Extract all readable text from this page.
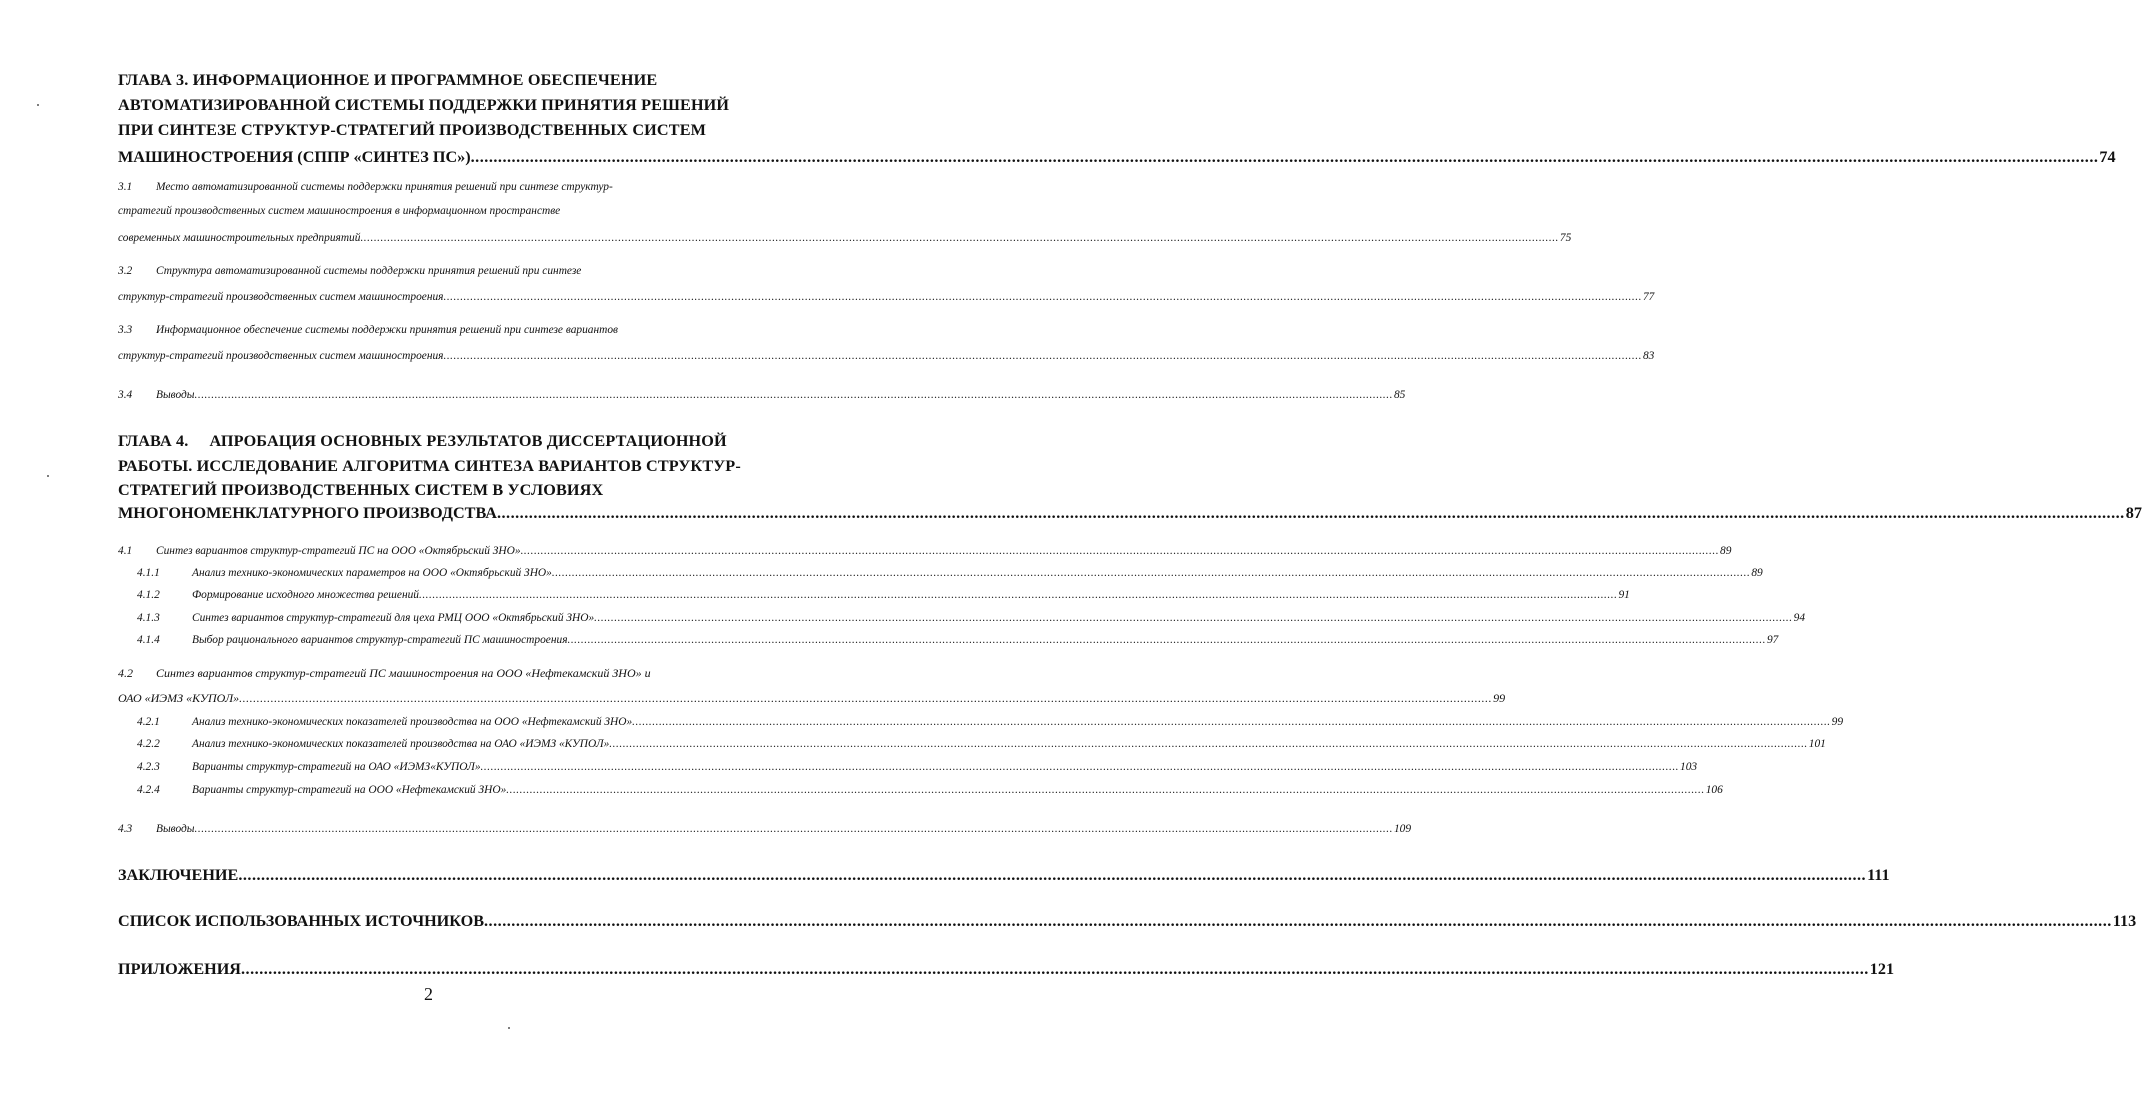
ГЛАВА 3. ИНФОРМАЦИОННОЕ И ПРОГРАММНОЕ ОБЕСПЕЧЕНИЕ
АВТОМАТИЗИРОВАННОЙ СИСТЕМЫ ПОДДЕРЖКИ ПРИНЯТИЯ РЕШЕНИЙ
ПРИ СИНТЕЗЕ СТРУКТУР-СТРАТЕГИЙ ПРОИЗВОДСТВЕННЫХ СИСТЕМ
МАШИНОСТРОЕНИЯ (СППР «СИНТЕЗ ПС») .....	74
3.1 Место автоматизированной системы поддержки принятия решений при синтезе структур-
стратегий производственных систем машиностроения в информационном пространстве
современных машиностроительных предприятий .....	75
3.2 Структура автоматизированной системы поддержки принятия решений при синтезе
структур-стратегий производственных систем машиностроения .....	77
3.3 Информационное обеспечение системы поддержки принятия решений при синтезе вариантов
структур-стратегий производственных систем машиностроения .....	83
3.4 Выводы .....	85
ГЛАВА 4.     АПРОБАЦИЯ ОСНОВНЫХ РЕЗУЛЬТАТОВ ДИССЕРТАЦИОННОЙ
РАБОТЫ. ИССЛЕДОВАНИЕ АЛГОРИТМА СИНТЕЗА ВАРИАНТОВ СТРУКТУР-
СТРАТЕГИЙ ПРОИЗВОДСТВЕННЫХ СИСТЕМ В УСЛОВИЯХ
МНОГОНОМЕНКЛАТУРНОГО ПРОИЗВОДСТВА .....	87
4.1 Синтез вариантов структур-стратегий ПС на ООО «Октябрьский ЗНО» .....	89
4.1.1	Анализ технико-экономических параметров на ООО «Октябрьский ЗНО» .....	89
4.1.2	Формирование исходного множества решений .....	91
4.1.3	Синтез вариантов структур-стратегий для цеха РМЦ ООО «Октябрьский ЗНО» .....	94
4.1.4	Выбор рационального вариантов структур-стратегий ПС машиностроения .....	97
4.2 Синтез вариантов структур-стратегий ПС машиностроения на ООО «Нефтекамский ЗНО» и
ОАО «ИЭМЗ «КУПОЛ» .....	99
4.2.1	Анализ технико-экономических показателей производства на ООО «Нефтекамский ЗНО» .....	99
4.2.2	Анализ технико-экономических показателей производства на ОАО «ИЭМЗ «КУПОЛ» .....	101
4.2.3	Варианты структур-стратегий на ОАО «ИЭМЗ«КУПОЛ» .....	103
4.2.4	Варианты структур-стратегий на ООО «Нефтекамский ЗНО» .....	106
4.3 Выводы .....	109
ЗАКЛЮЧЕНИЕ .....	111
СПИСОК ИСПОЛЬЗОВАННЫХ ИСТОЧНИКОВ .....	113
ПРИЛОЖЕНИЯ .....	121
2
